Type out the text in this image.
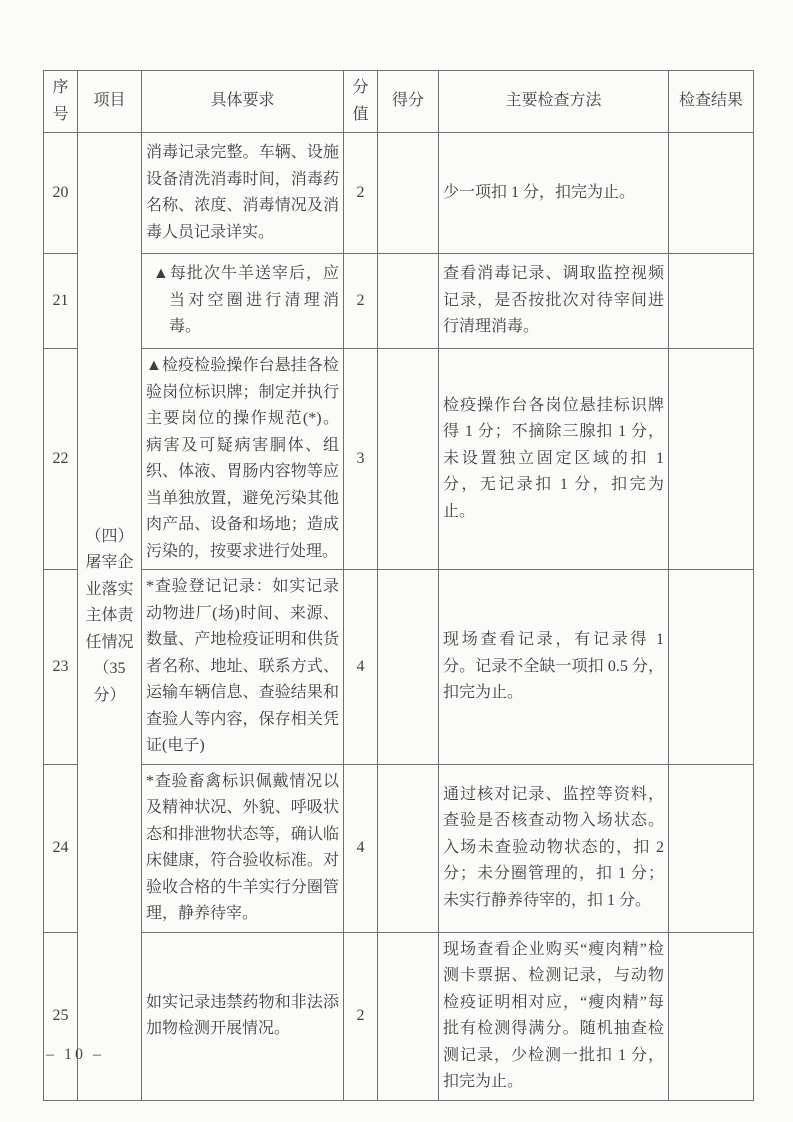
序号	项目	具体要求	分值	得分	主要检查方法	检查结果
20	（四）屠宰企业落实主体责任情况（35分）	消毒记录完整。车辆、设施设备清洗消毒时间，消毒药名称、浓度、消毒情况及消毒人员记录详实。	2		少一项扣 1 分，扣完为止。	
21		▲每批次牛羊送宰后，应当对空圈进行清理消毒。	2		查看消毒记录、调取监控视频记录，是否按批次对待宰间进行清理消毒。	
22		▲检疫检验操作台悬挂各检验岗位标识牌；制定并执行主要岗位的操作规范(*)。病害及可疑病害胴体、组织、体液、胃肠内容物等应当单独放置，避免污染其他肉产品、设备和场地；造成污染的，按要求进行处理。	3		检疫操作台各岗位悬挂标识牌得 1 分；不摘除三腺扣 1 分，未设置独立固定区域的扣 1 分，无记录扣 1 分，扣完为止。	
23		*查验登记记录：如实记录动物进厂(场)时间、来源、数量、产地检疫证明和供货者名称、地址、联系方式、运输车辆信息、查验结果和查验人等内容，保存相关凭证(电子)	4		现场查看记录，有记录得 1 分。记录不全缺一项扣 0.5 分，扣完为止。	
24		*查验畜禽标识佩戴情况以及精神状况、外貌、呼吸状态和排泄物状态等，确认临床健康，符合验收标准。对验收合格的牛羊实行分圈管理，静养待宰。	4		通过核对记录、监控等资料，查验是否核查动物入场状态。入场未查验动物状态的，扣 2 分；未分圈管理的，扣 1 分；未实行静养待宰的，扣 1 分。	
25		如实记录违禁药物和非法添加物检测开展情况。	2		现场查看企业购买“瘦肉精”检测卡票据、检测记录，与动物检疫证明相对应，“瘦肉精”每批有检测得满分。随机抽查检测记录，少检测一批扣 1 分，扣完为止。	
– 10 –
